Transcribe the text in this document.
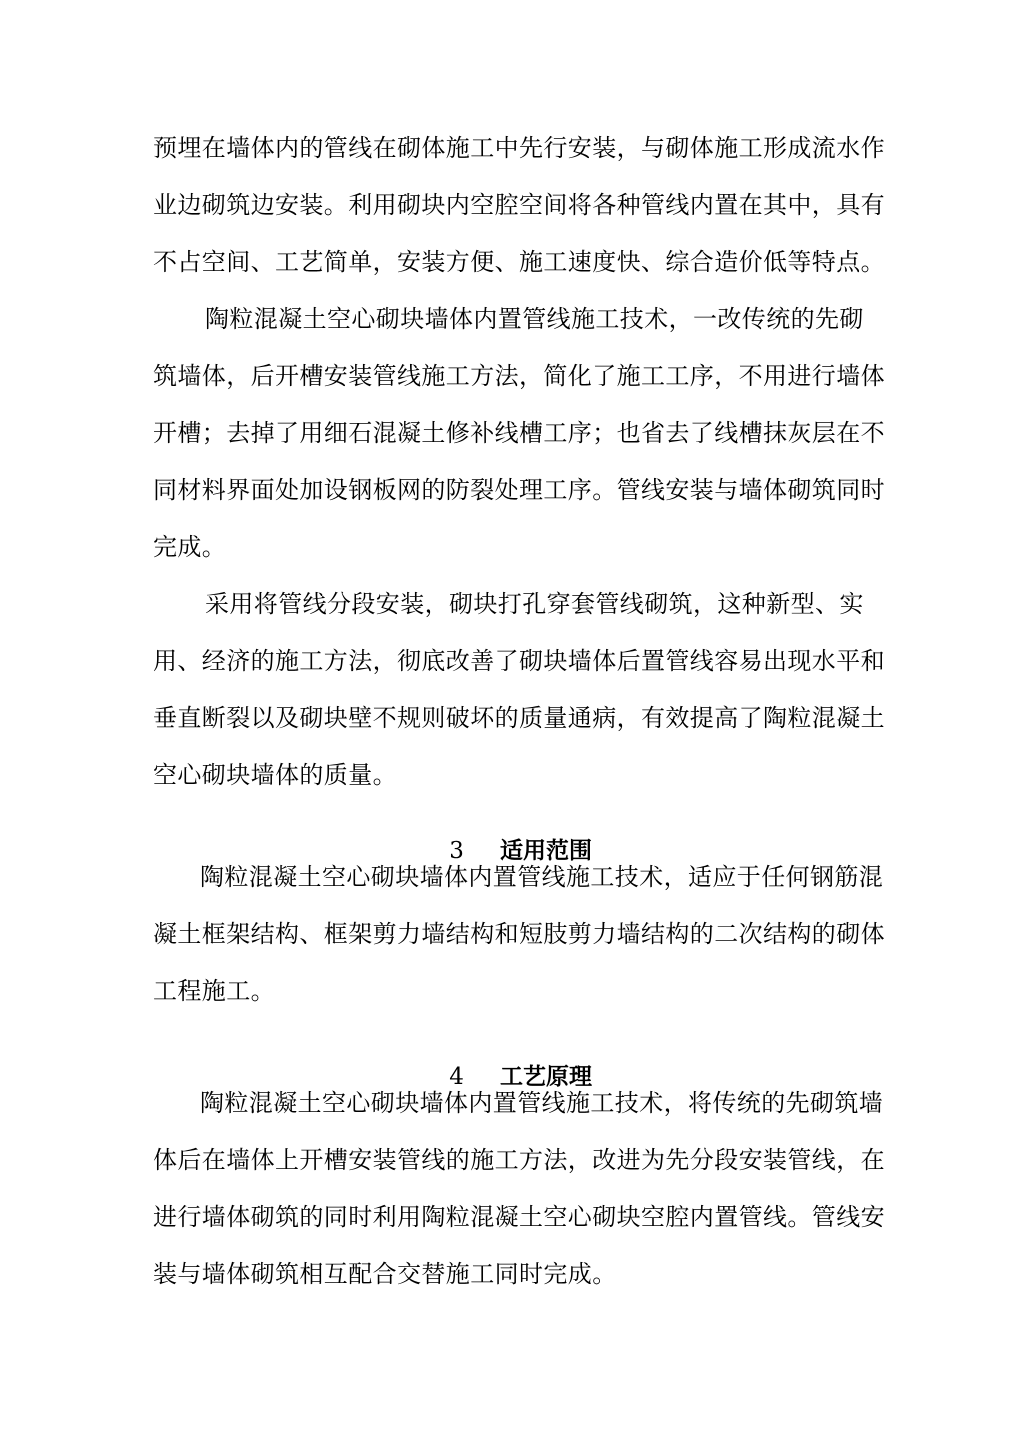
预埋在墙体内的管线在砌体施工中先行安装，与砌体施工形成流水作
业边砌筑边安装。利用砌块内空腔空间将各种管线内置在其中，具有
不占空间、工艺简单，安装方便、施工速度快、综合造价低等特点。
陶粒混凝土空心砌块墙体内置管线施工技术，一改传统的先砌
筑墙体，后开槽安装管线施工方法，简化了施工工序，不用进行墙体
开槽；去掉了用细石混凝土修补线槽工序；也省去了线槽抹灰层在不
同材料界面处加设钢板网的防裂处理工序。管线安装与墙体砌筑同时
完成。
采用将管线分段安装，砌块打孔穿套管线砌筑，这种新型、实
用、经济的施工方法，彻底改善了砌块墙体后置管线容易出现水平和
垂直断裂以及砌块壁不规则破坏的质量通病，有效提高了陶粒混凝土
空心砌块墙体的质量。

3 适用范围

陶粒混凝土空心砌块墙体内置管线施工技术，适应于任何钢筋混
凝土框架结构、框架剪力墙结构和短肢剪力墙结构的二次结构的砌体
工程施工。

4 工艺原理

陶粒混凝土空心砌块墙体内置管线施工技术，将传统的先砌筑墙
体后在墙体上开槽安装管线的施工方法，改进为先分段安装管线，在
进行墙体砌筑的同时利用陶粒混凝土空心砌块空腔内置管线。管线安
装与墙体砌筑相互配合交替施工同时完成。
